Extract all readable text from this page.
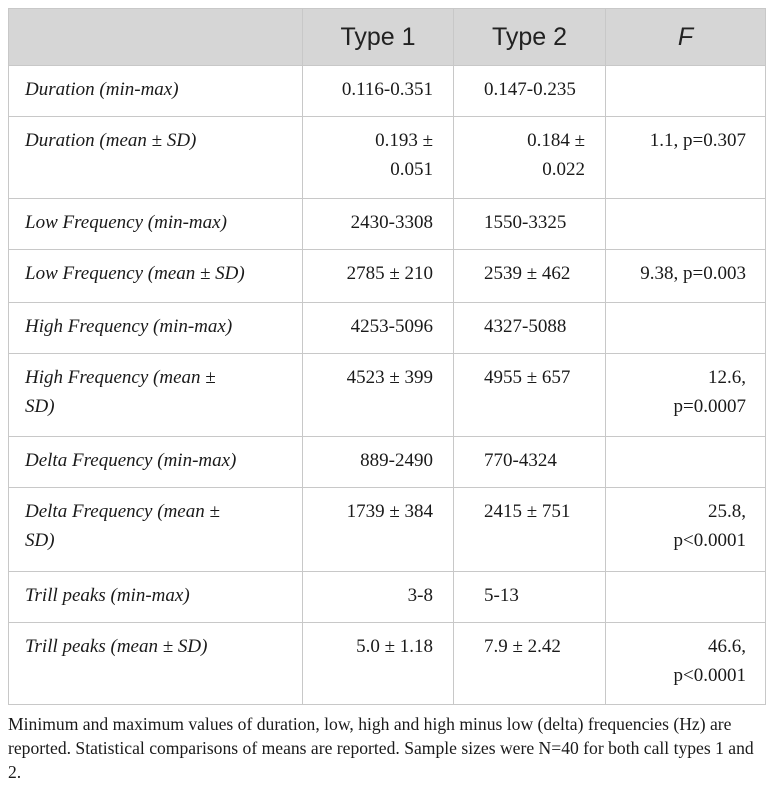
	Type 1	Type 2	F
Duration (min-max)	0.116-0.351	0.147-0.235	
Duration (mean ± SD)	0.193 ± 0.051	0.184 ± 0.022	1.1, p=0.307
Low Frequency (min-max)	2430-3308	1550-3325	
Low Frequency (mean ± SD)	2785 ± 210	2539 ± 462	9.38, p=0.003
High Frequency (min-max)	4253-5096	4327-5088	
High Frequency (mean ± SD)	4523 ± 399	4955 ± 657	12.6, p=0.0007
Delta Frequency (min-max)	889-2490	770-4324	
Delta Frequency (mean ± SD)	1739 ± 384	2415 ± 751	25.8, p<0.0001
Trill peaks (min-max)	3-8	5-13	
Trill peaks (mean ± SD)	5.0 ± 1.18	7.9 ± 2.42	46.6, p<0.0001

Minimum and maximum values of duration, low, high and high minus low (delta) frequencies (Hz) are reported. Statistical comparisons of means are reported. Sample sizes were N=40 for both call types 1 and 2.
